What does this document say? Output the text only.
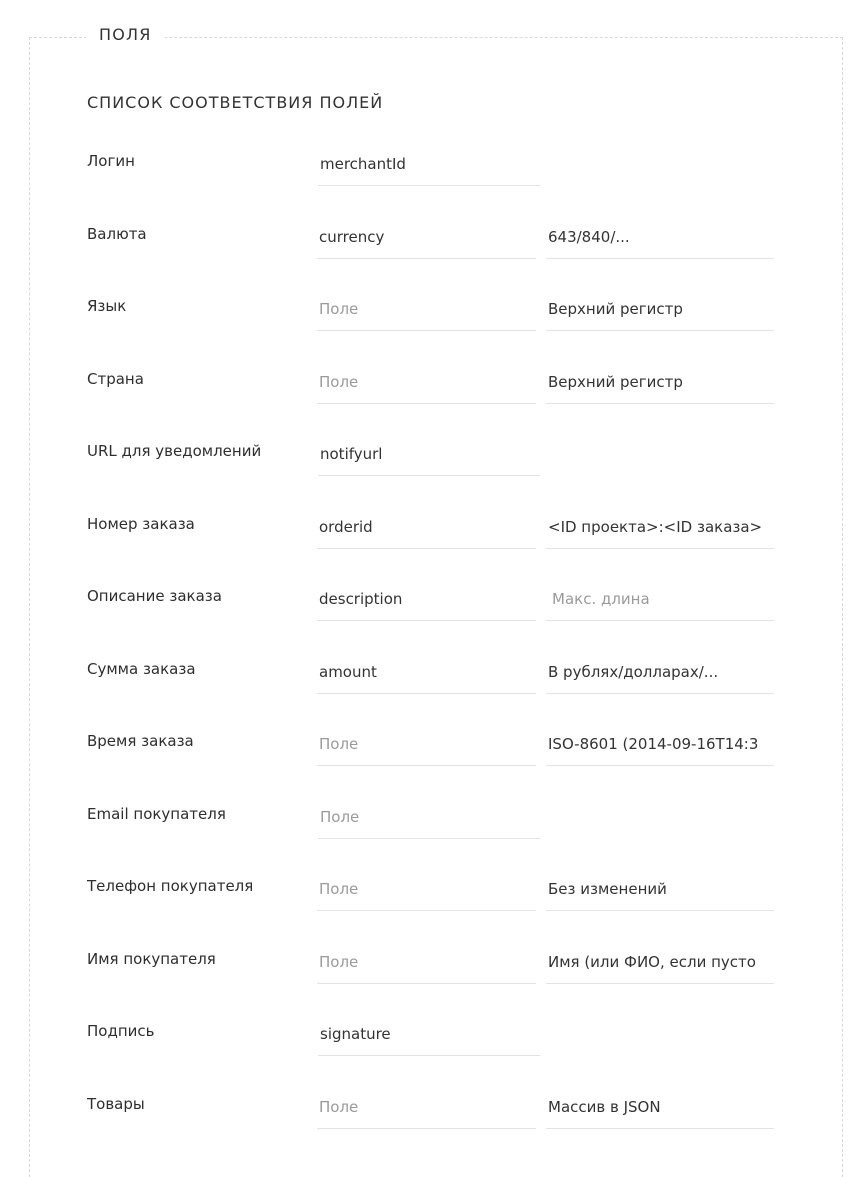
ПОЛЯ
СПИСОК СООТВЕТСТВИЯ ПОЛЕЙ
Логин
merchantId
Валюта
currency
643/840/...
Язык
Поле
Верхний регистр
Страна
Поле
Верхний регистр
URL для уведомлений
notifyurl
Номер заказа
orderid
<ID проекта>:<ID заказа>
Описание заказа
description
Макс. длина
Сумма заказа
amount
В рублях/долларах/...
Время заказа
Поле
ISO-8601 (2014-09-16T14:3
Email покупателя
Поле
Телефон покупателя
Поле
Без изменений
Имя покупателя
Поле
Имя (или ФИО, если пусто
Подпись
signature
Товары
Поле
Массив в JSON
